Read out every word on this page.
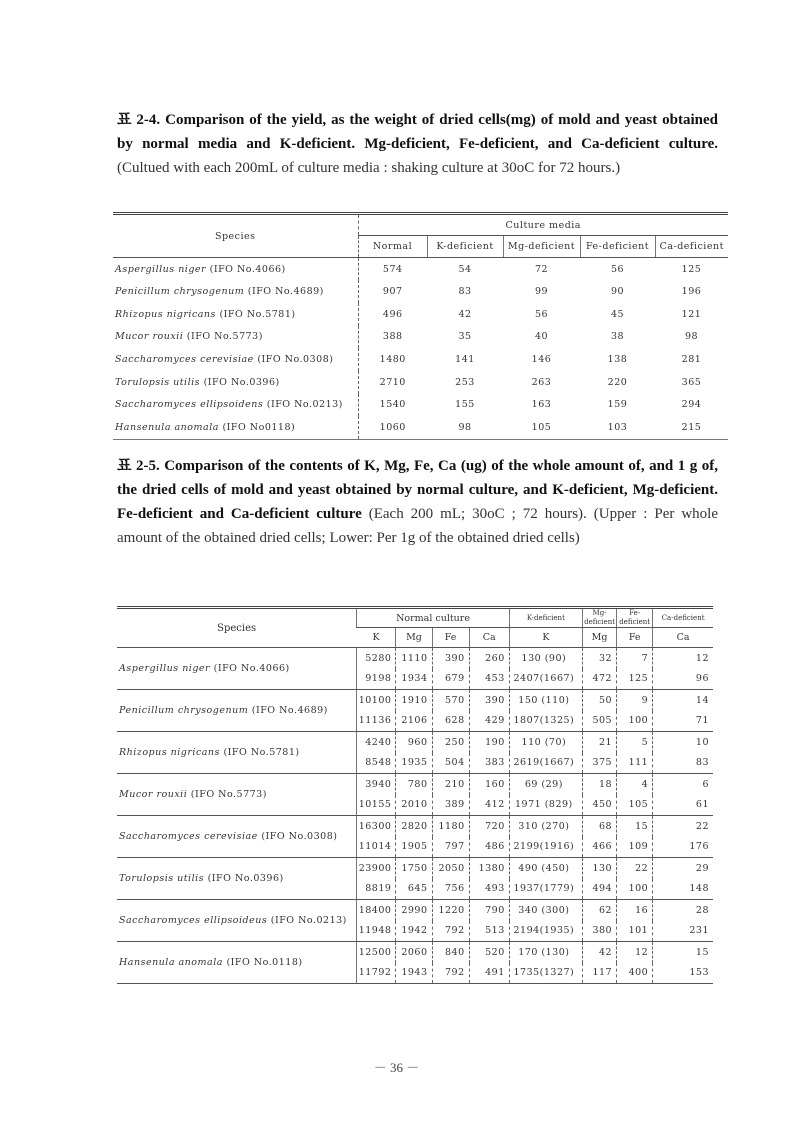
표 2-4. Comparison of the yield, as the weight of dried cells(mg) of mold and yeast obtained by normal media and K-deficient. Mg-deficient, Fe-deficient, and Ca-deficient culture. (Cultued with each 200mL of culture media : shaking culture at 30oC for 72 hours.)
Species	Culture media				
	Normal	K-deficient	Mg-deficient	Fe-deficient	Ca-deficient
Aspergillus niger (IFO No.4066)	574	54	72	56	125
Penicillum chrysogenum (IFO No.4689)	907	83	99	90	196
Rhizopus nigricans (IFO No.5781)	496	42	56	45	121
Mucor rouxii (IFO No.5773)	388	35	40	38	98
Saccharomyces cerevisiae (IFO No.0308)	1480	141	146	138	281
Torulopsis utilis (IFO No.0396)	2710	253	263	220	365
Saccharomyces ellipsoidens (IFO No.0213)	1540	155	163	159	294
Hansenula anomala (IFO No0118)	1060	98	105	103	215
표 2-5. Comparison of the contents of K, Mg, Fe, Ca (ug) of the whole amount of, and 1 g of, the dried cells of mold and yeast obtained by normal culture, and K-deficient, Mg-deficient. Fe-deficient and Ca-deficient culture (Each 200 mL; 30oC ; 72 hours). (Upper : Per whole amount of the obtained dried cells; Lower: Per 1g of the obtained dried cells)
Species	Normal culture				K-deficient	Mg-deficient	Fe-deficient	Ca-deficient
	K	Mg	Fe	Ca	K	Mg	Fe	Ca
Aspergillus niger (IFO No.4066)	5280	1110	390	260	130 (90)	32	7	12
	9198	1934	679	453	2407(1667)	472	125	96
Penicillum chrysogenum (IFO No.4689)	10100	1910	570	390	150 (110)	50	9	14
	11136	2106	628	429	1807(1325)	505	100	71
Rhizopus nigricans (IFO No.5781)	4240	960	250	190	110 (70)	21	5	10
	8548	1935	504	383	2619(1667)	375	111	83
Mucor rouxii (IFO No.5773)	3940	780	210	160	69 (29)	18	4	6
	10155	2010	389	412	1971 (829)	450	105	61
Saccharomyces cerevisiae (IFO No.0308)	16300	2820	1180	720	310 (270)	68	15	22
	11014	1905	797	486	2199(1916)	466	109	176
Torulopsis utilis (IFO No.0396)	23900	1750	2050	1380	490 (450)	130	22	29
	8819	645	756	493	1937(1779)	494	100	148
Saccharomyces ellipsoideus (IFO No.0213)	18400	2990	1220	790	340 (300)	62	16	28
	11948	1942	792	513	2194(1935)	380	101	231
Hansenula anomala (IFO No.0118)	12500	2060	840	520	170 (130)	42	12	15
	11792	1943	792	491	1735(1327)	117	400	153
－ 36 －
